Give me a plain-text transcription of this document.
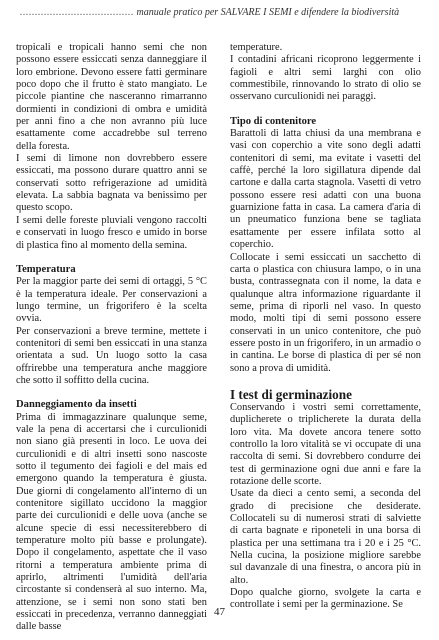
...................................... manuale pratico per SALVARE I SEMI e difendere la biodiversità

tropicali e tropicali hanno semi che non possono essere essiccati senza danneggiare il loro embrione. Devono essere fatti germinare poco dopo che il frutto è stato mangiato. Le piccole piantine che nasceranno rimarranno dormienti in condizioni di ombra e umidità per anni fino a che non avranno più luce esattamente come accadrebbe sul terreno della foresta.

I semi di limone non dovrebbero essere essiccati, ma possono durare quattro anni se conservati sotto refrigerazione ad umidità elevata. La sabbia bagnata va benissimo per questo scopo.

I semi delle foreste pluviali vengono raccolti e conservati in luogo fresco e umido in borse di plastica fino al momento della semina.

Temperatura

Per la maggior parte dei semi di ortaggi, 5 °C è la temperatura ideale. Per conservazioni a lungo termine, un frigorifero è la scelta ovvia.

Per conservazioni a breve termine, mettete i contenitori di semi ben essiccati in una stanza orientata a sud. Un luogo sotto la casa offrirebbe una temperatura anche maggiore che sotto il soffitto della cucina.

Danneggiamento da insetti

Prima di immagazzinare qualunque seme, vale la pena di accertarsi che i curculionidi non siano già presenti in loco. Le uova dei curculionidi e di altri insetti sono nascoste sotto il tegumento dei fagioli e del mais ed emergono quando la temperatura è giusta. Due giorni di congelamento all'interno di un contenitore sigillato uccidono la maggior parte dei curculionidi e delle uova (anche se alcune specie di essi necessiterebbero di temperature molto più basse e prolungate). Dopo il congelamento, aspettate che il vaso ritorni a temperatura ambiente prima di aprirlo, altrimenti l'umidità dell'aria circostante si condenserà al suo interno. Ma, attenzione, se i semi non sono stati ben essiccati in precedenza, verranno danneggiati dalle basse

temperature.

I contadini africani ricoprono leggermente i fagioli e altri semi larghi con olio commestibile, rinnovando lo strato di olio se osservano curculionidi nei paraggi.

Tipo di contenitore

Barattoli di latta chiusi da una membrana e vasi con coperchio a vite sono degli adatti contenitori di semi, ma evitate i vasetti del caffè, perché la loro sigillatura dipende dal cartone e dalla carta stagnola. Vasetti di vetro possono essere resi adatti con una buona guarnizione fatta in casa. La camera d'aria di un pneumatico funziona bene se tagliata esattamente per essere infilata sotto al coperchio.

Collocate i semi essiccati un sacchetto di carta o plastica con chiusura lampo, o in una busta, contrassegnata con il nome, la data e qualunque altra informazione riguardante il seme, prima di riporli nel vaso. In questo modo, molti tipi di semi possono essere conservati in un unico contenitore, che può essere posto in un frigorifero, in un armadio o in cantina. Le borse di plastica di per sé non sono a prova di umidità.

I test di germinazione

Conservando i vostri semi correttamente, duplicherete o triplicherete la durata della loro vita. Ma dovete ancora tenere sotto controllo la loro vitalità se vi occupate di una raccolta di semi. Si dovrebbero condurre dei test di germinazione ogni due anni e fare la rotazione delle scorte.

Usate da dieci a cento semi, a seconda del grado di precisione che desiderate. Collocateli su di numerosi strati di salviette di carta bagnate e riponeteli in una borsa di plastica per una settimana tra i 20 e i 25 °C. Nella cucina, la posizione migliore sarebbe sul davanzale di una finestra, o ancora più in alto.

Dopo qualche giorno, svolgete la carta e controllate i semi per la germinazione. Se

47
